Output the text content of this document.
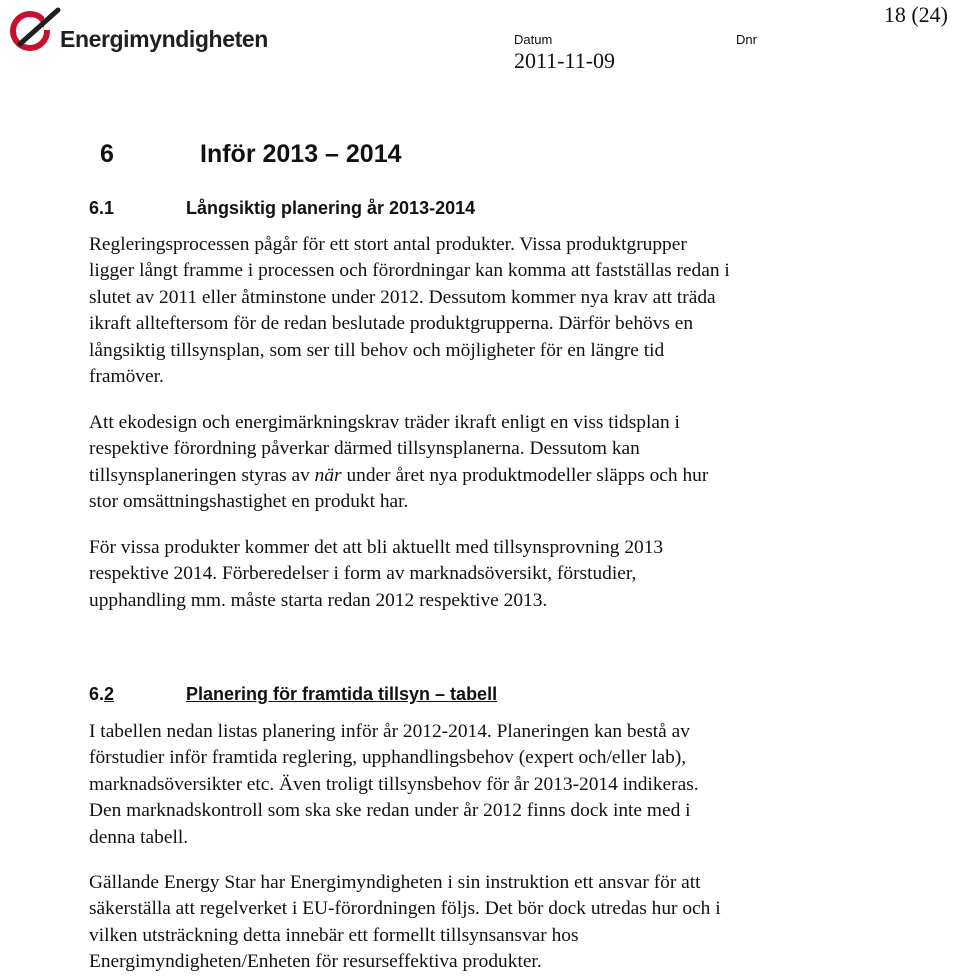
Energimyndigheten	Datum
2011-11-09
Dnr
18 (24)
6	Inför 2013 – 2014
6.1	Långsiktig planering år 2013-2014

Regleringsprocessen pågår för ett stort antal produkter. Vissa produktgrupper
ligger långt framme i processen och förordningar kan komma att fastställas redan i
slutet av 2011 eller åtminstone under 2012. Dessutom kommer nya krav att träda
ikraft allteftersom för de redan beslutade produktgrupperna. Därför behövs en
långsiktig tillsynsplan, som ser till behov och möjligheter för en längre tid
framöver.

Att ekodesign och energimärkningskrav träder ikraft enligt en viss tidsplan i
respektive förordning påverkar därmed tillsynsplanerna. Dessutom kan
tillsynsplaneringen styras av när under året nya produktmodeller släpps och hur
stor omsättningshastighet en produkt har.

För vissa produkter kommer det att bli aktuellt med tillsynsprovning 2013
respektive 2014. Förberedelser i form av marknadsöversikt, förstudier,
upphandling mm. måste starta redan 2012 respektive 2013.

6.2	Planering för framtida tillsyn – tabell

I tabellen nedan listas planering inför år 2012-2014. Planeringen kan bestå av
förstudier inför framtida reglering, upphandlingsbehov (expert och/eller lab),
marknadsöversikter etc. Även troligt tillsynsbehov för år 2013-2014 indikeras.
Den marknadskontroll som ska ske redan under år 2012 finns dock inte med i
denna tabell.

Gällande Energy Star har Energimyndigheten i sin instruktion ett ansvar för att
säkerställa att regelverket i EU-förordningen följs. Det bör dock utredas hur och i
vilken utsträckning detta innebär ett formellt tillsynsansvar hos
Energimyndigheten/Enheten för resurseffektiva produkter.
